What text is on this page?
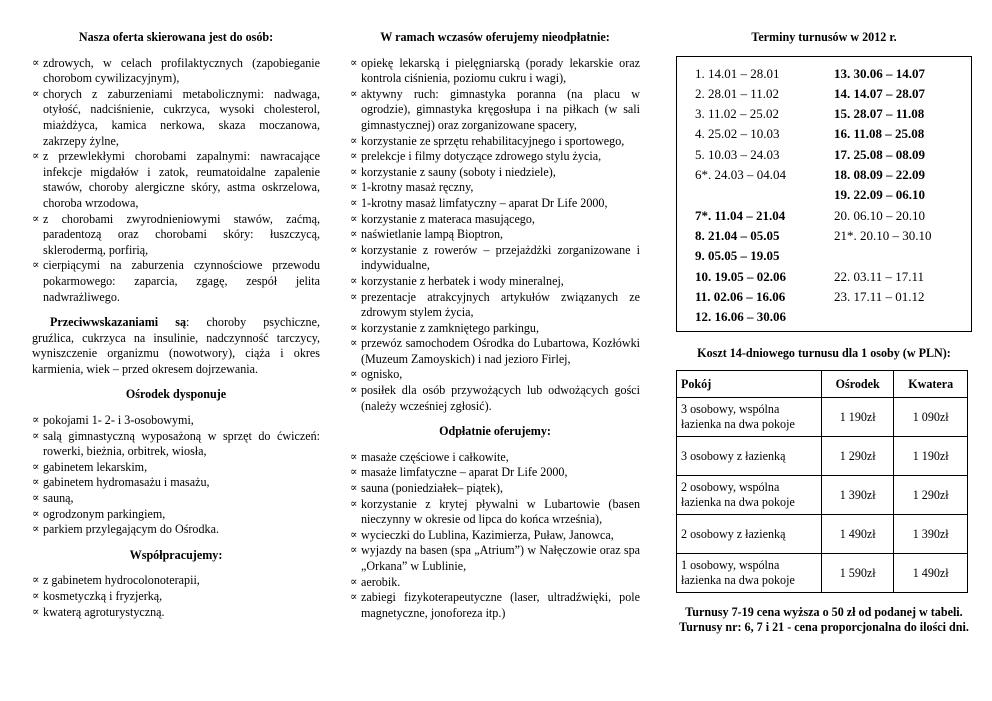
Nasza oferta skierowana jest do osób:
∝ zdrowych, w celach profilaktycznych (zapobieganie chorobom cywilizacyjnym),
∝ chorych z zaburzeniami metabolicznymi: nadwaga, otyłość, nadciśnienie, cukrzyca, wysoki cholesterol, miażdżyca, kamica nerkowa, skaza moczanowa, zakrzepy żylne,
∝ z przewlekłymi chorobami zapalnymi: nawracające infekcje migdałów i zatok, reumatoidalne zapalenie stawów, choroby alergiczne skóry, astma oskrzelowa, choroba wrzodowa,
∝ z chorobami zwyrodnieniowymi stawów, zaćmą, paradentozą oraz chorobami skóry: łuszczycą, sklerodermą, porfirią,
∝ cierpiącymi na zaburzenia czynnościowe przewodu pokarmowego: zaparcia, zgagę, zespół jelita nadwrażliwego.
Przeciwwskazaniami są: choroby psychiczne, gruźlica, cukrzyca na insulinie, nadczynność tarczycy, wyniszczenie organizmu (nowotwory), ciąża i okres karmienia, wiek – przed okresem dojrzewania.
Ośrodek dysponuje
∝ pokojami 1- 2- i 3-osobowymi,
∝ salą gimnastyczną wyposażoną w sprzęt do ćwiczeń: rowerki, bieżnia, orbitrek, wiosła,
∝ gabinetem lekarskim,
∝ gabinetem hydromasażu i masażu,
∝ sauną,
∝ ogrodzonym parkingiem,
∝ parkiem przylegającym do Ośrodka.
Współpracujemy:
∝ z gabinetem hydrocolonoterapii,
∝ kosmetyczką i fryzjerką,
∝ kwaterą agroturystyczną.
W ramach wczasów oferujemy nieodpłatnie:
∝ opiekę lekarską i pielęgniarską (porady lekarskie oraz kontrola ciśnienia, poziomu cukru i wagi),
∝ aktywny ruch: gimnastyka poranna (na placu w ogrodzie), gimnastyka kręgosłupa i na piłkach (w sali gimnastycznej) oraz zorganizowane spacery,
∝ korzystanie ze sprzętu rehabilitacyjnego i sportowego,
∝ prelekcje i filmy dotyczące zdrowego stylu życia,
∝ korzystanie z sauny (soboty i niedziele),
∝ 1-krotny masaż ręczny,
∝ 1-krotny masaż limfatyczny – aparat Dr Life 2000,
∝ korzystanie z materaca masującego,
∝ naświetlanie lampą Bioptron,
∝ korzystanie z rowerów – przejażdżki zorganizowane i indywidualne,
∝ korzystanie z herbatek i wody mineralnej,
∝ prezentacje atrakcyjnych artykułów związanych ze zdrowym stylem życia,
∝ korzystanie z zamkniętego parkingu,
∝ przewóz samochodem Ośrodka do Lubartowa, Kozłówki (Muzeum Zamoyskich) i nad jezioro Firlej,
∝ ognisko,
∝ posiłek dla osób przywożących lub odwożących gości (należy wcześniej zgłosić).
Odpłatnie oferujemy:
∝ masaże częściowe i całkowite,
∝ masaże limfatyczne – aparat Dr Life 2000,
∝ sauna (poniedziałek– piątek),
∝ korzystanie z krytej pływalni w Lubartowie (basen nieczynny w okresie od lipca do końca września),
∝ wycieczki do Lublina, Kazimierza, Puław, Janowca,
∝ wyjazdy na basen (spa „Atrium”) w Nałęczowie oraz spa „Orkana” w Lublinie,
∝ aerobik.
∝ zabiegi fizykoterapeutyczne (laser, ultradźwięki, pole magnetyczne, jonoforeza itp.)
Terminy turnusów w 2012 r.
1. 14.01 – 28.01
2. 28.01 – 11.02
3. 11.02 – 25.02
4. 25.02 – 10.03
5. 10.03 – 24.03
6*. 24.03 – 04.04
7*. 11.04 – 21.04
8. 21.04 – 05.05
9. 05.05 – 19.05
10. 19.05 – 02.06
11. 02.06 – 16.06
12. 16.06 – 30.06
13. 30.06 – 14.07
14. 14.07 – 28.07
15. 28.07 – 11.08
16. 11.08 – 25.08
17. 25.08 – 08.09
18. 08.09 – 22.09
19. 22.09 – 06.10
20. 06.10 – 20.10
21*. 20.10 – 30.10
22. 03.11 – 17.11
23. 17.11 – 01.12
Koszt 14-dniowego turnusu dla 1 osoby (w PLN):
Pokój	Ośrodek	Kwatera
3 osobowy, wspólna łazienka na dwa pokoje	1 190zł	1 090zł
3 osobowy z łazienką	1 290zł	1 190zł
2 osobowy, wspólna łazienka na dwa pokoje	1 390zł	1 290zł
2 osobowy z łazienką	1 490zł	1 390zł
1 osobowy, wspólna łazienka na dwa pokoje	1 590zł	1 490zł
Turnusy 7-19 cena wyższa o 50 zł od podanej w tabeli.
Turnusy nr: 6, 7 i 21 - cena proporcjonalna do ilości dni.
